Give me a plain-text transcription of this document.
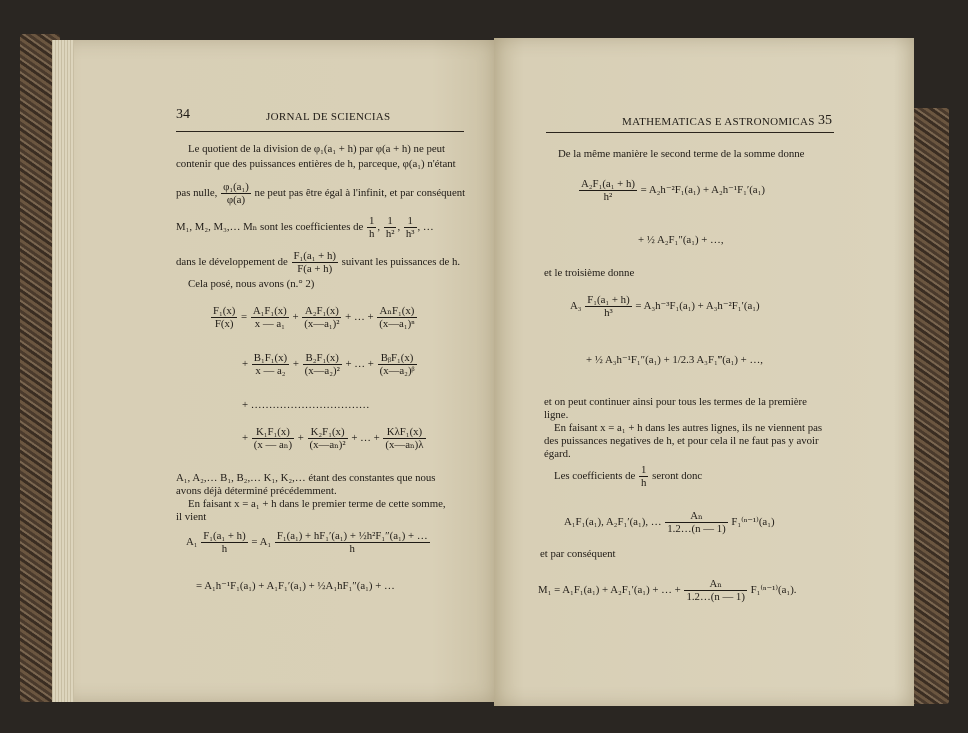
34	JORNAL DE SCIENCIAS
Le quotient de la division de φ₁(a₁ + h) par φ(a + h) ne peut
contenir que des puissances entières de h, parceque, φ(a₁) n'étant
pas nulle, $\frac{\text{φ₁(a₁)}}{\varphi(a)}$ ne peut pas être égal à l'infinit, et par conséquent
M₁, M₂, M₃,… Mₙ sont les coefficientes de $\frac{1}{h}$ , $\frac{1}{\text{h²}}$ , $\frac{1}{\text{h³}}$ , …
dans le développement de $\frac{\text{F₁(a₁ + h)}}{F(a + h)}$ suivant les puissances de h.
Cela posé, nous avons (n.° 2)
$\frac{\text{F₁(x)}}{F(x)} = \frac{\text{A₁F₁(x)}}{\text{x — a₁}} + \frac{\text{A₂F₁(x)}}{\text{(x—a₁)²}}$ + … + $\frac{\text{AₙF₁(x)}}{\text{(x—a₁)ⁿ}}$
+ $\frac{\text{B₁F₁(x)}}{\text{x — a₂}} + \frac{\text{B₂F₁(x)}}{\text{(x—a₂)²}}$ + … + $\frac{\text{BᵦF₁(x)}}{\text{(x—a₂)ᵝ}}$
+ ……………………………
+ $\frac{\text{K₁F₁(x)}}{\text{(x — aₙ)}} + \frac{\text{K₂F₁(x)}}{\text{(x—aₙ)²}}$ + … + $\frac{\text{KλF₁(x)}}{\text{(x—aₙ)λ}}$
A₁, A₂,… B₁, B₂,… K₁, K₂,… étant des constantes que nous
avons déjà déterminé précédemment.
En faisant x = a₁ + h dans le premier terme de cette somme,
il vient
$A_1 \frac{\text{F₁(a₁ + h)}}{h} = A_1 \frac{\text{F₁(a₁) + hF₁′(a₁) + ½h²F₁″(a₁) + …}}{h}$
= A₁h⁻¹F₁(a₁) + A₁F₁′(a₁) + ½A₁hF₁″(a₁) + …
MATHEMATICAS E ASTRONOMICAS 35
De la même manière le second terme de la somme donne
$\frac{\text{A₂F₁(a₁ + h)}}{\text{h²}} = A_2h^{-2}F_1(a_1) + A_2h^{-1}F_1'(a_1)$
+ ½ A₂F₁″(a₁) + …,
et le troisième donne
$A_3 \frac{\text{F₁(a₁ + h)}}{\text{h³}} = A_3h^{-3}F_1(a_1) + A_3h^{-2}F_1'(a_1)$
+ ½ A₃h⁻¹F₁″(a₁) + 1/2.3 A₃F₁‴(a₁) + …,
et on peut continuer ainsi pour tous les termes de la première
ligne.
En faisant x = a₁ + h dans les autres lignes, ils ne viennent pas
des puissances negatives de h, et pour cela il ne faut pas y avoir
égard.
Les coefficients de $\frac{1}{h}$ seront donc
A₁F₁(a₁), A₂F₁′(a₁), … $\frac{\text{Aₙ}}{1.2\dots(n — 1)} F_1^{(n-1)}(a_1)$
et par conséquent
M₁ = A₁F₁(a₁) + A₂F₁′(a₁) + … + $\frac{\text{Aₙ}}{1.2\dots(n — 1)} F_1^{(n-1)}(a_1)$.
